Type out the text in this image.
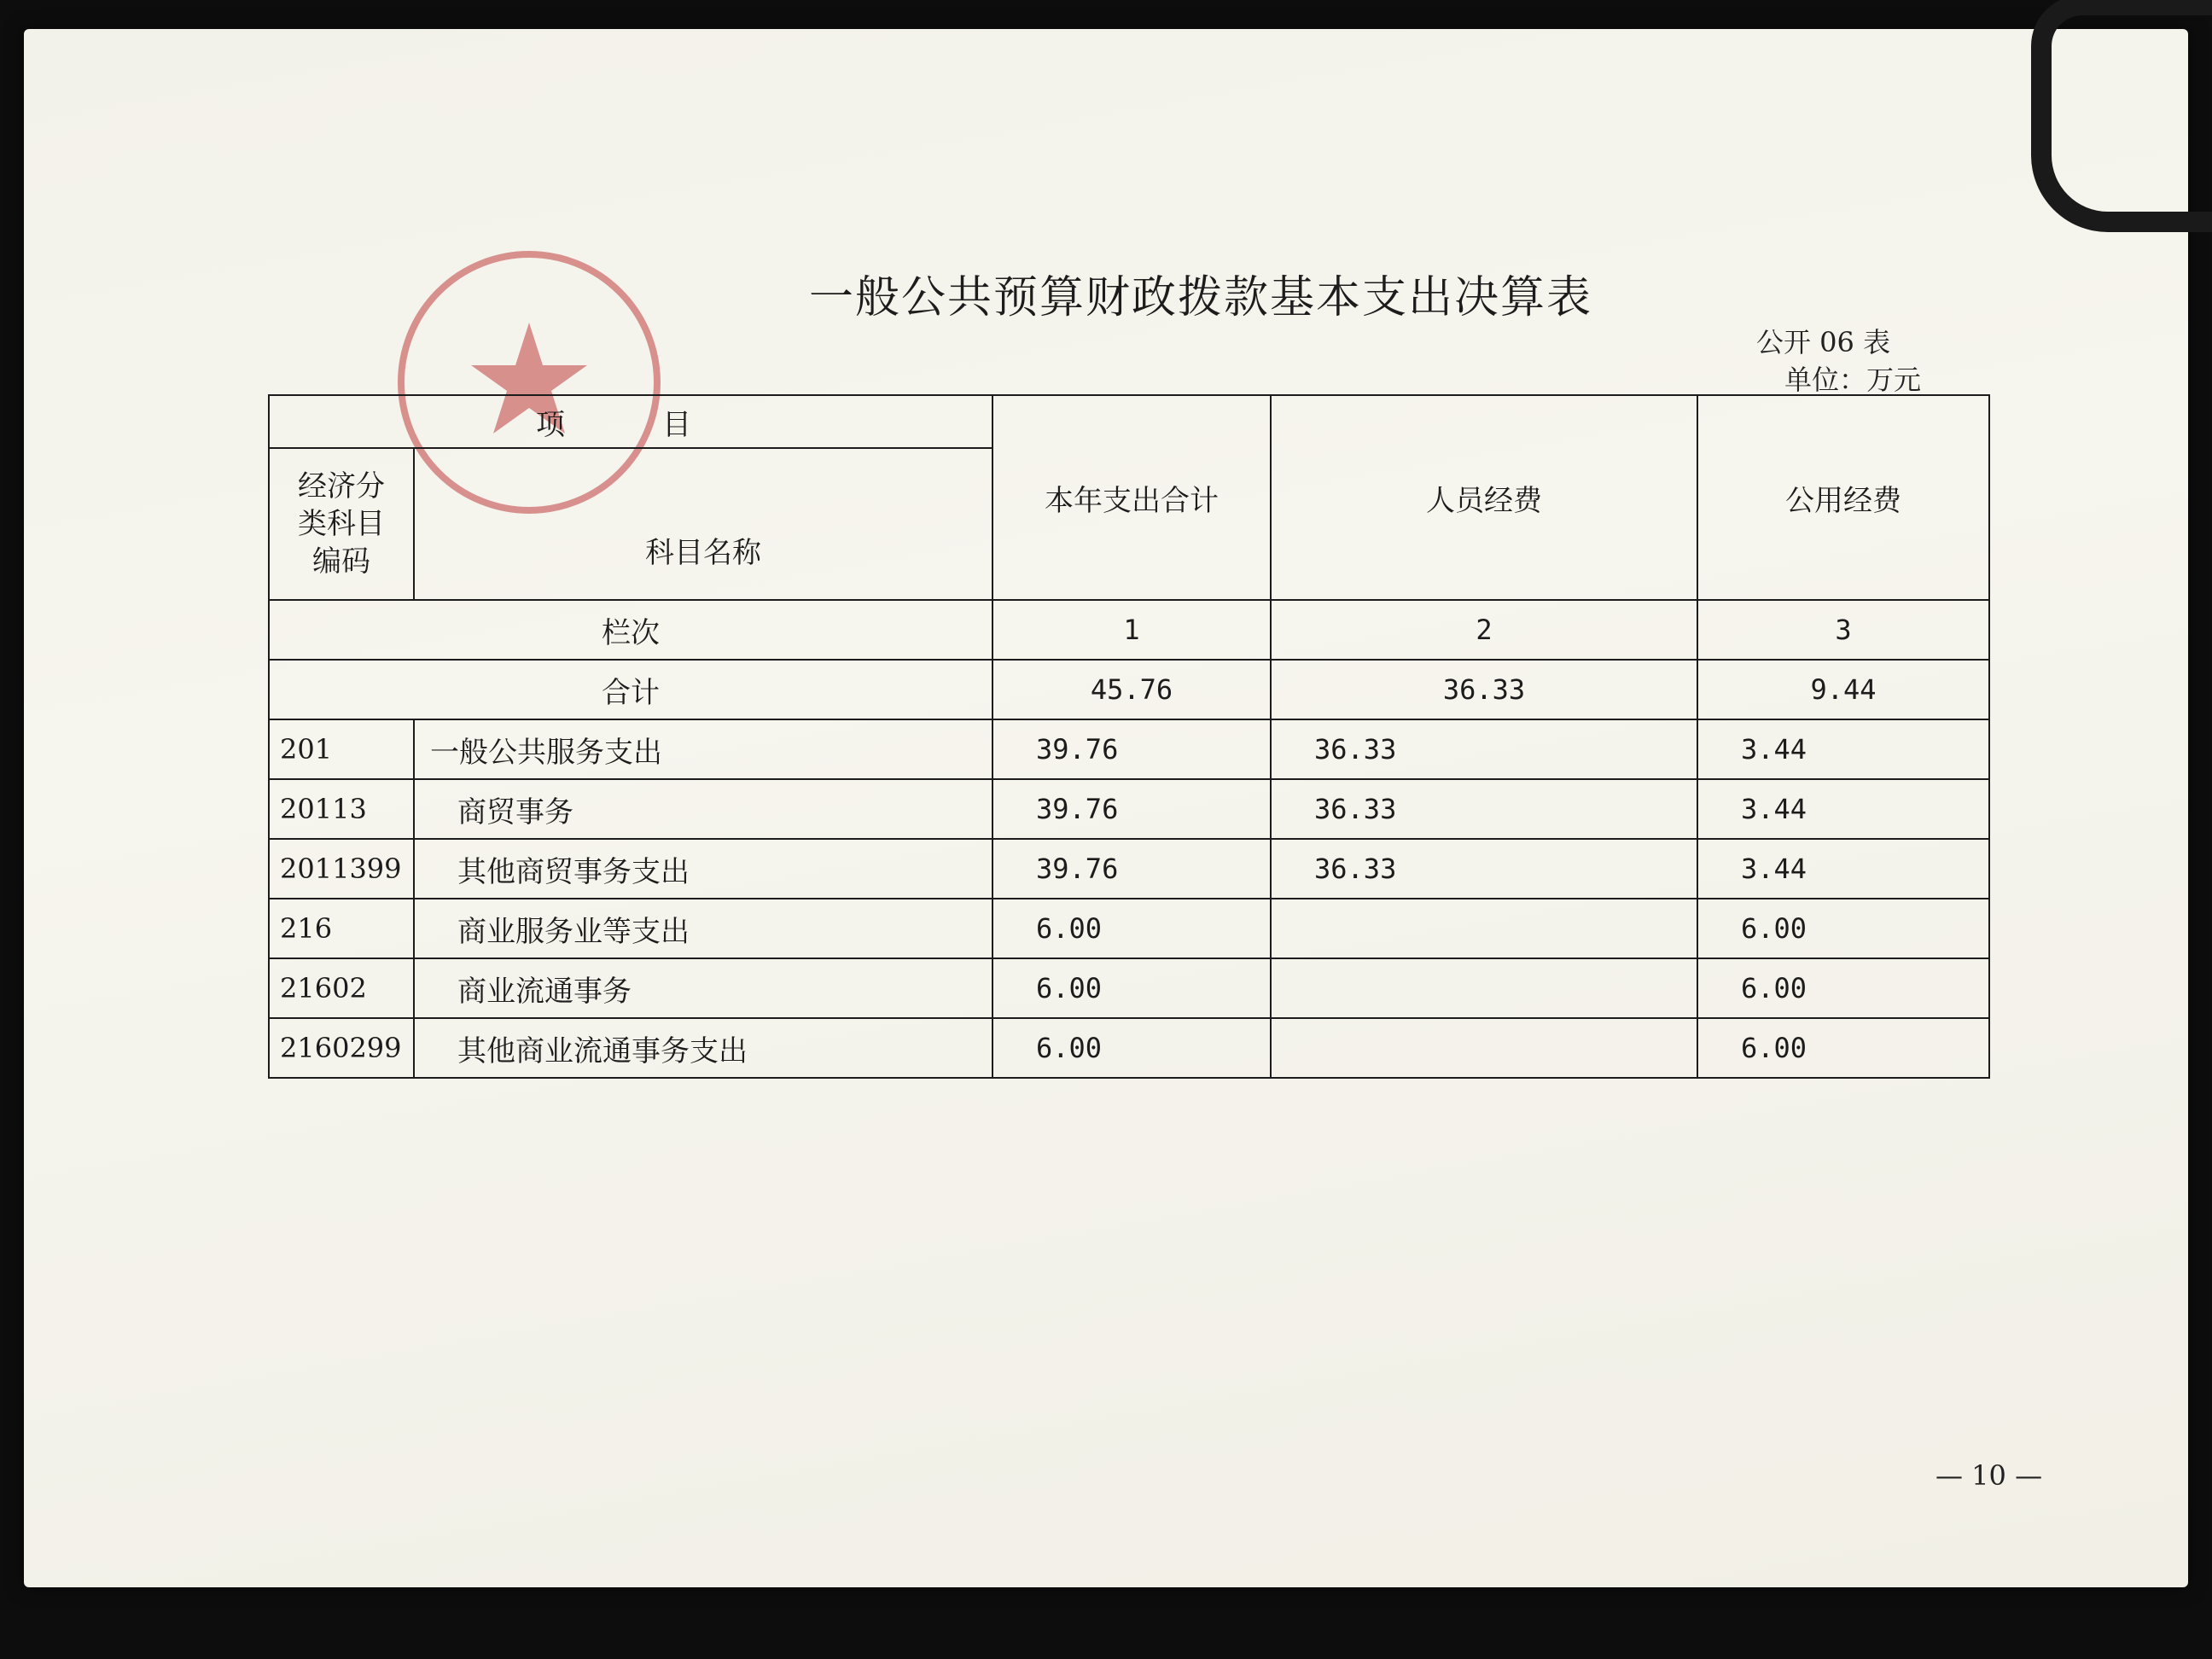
一般公共预算财政拨款基本支出决算表
公开 06 表
单位：万元
项　目		本年支出合计	人员经费	公用经费

经济分
类科目
编码	科目名称			
栏次		1	2	3
合计		45.76	36.33	9.44
201	一般公共服务支出	39.76	36.33	3.44
20113	商贸事务	39.76	36.33	3.44
2011399	其他商贸事务支出	39.76	36.33	3.44
216	商业服务业等支出	6.00		6.00
21602	商业流通事务	6.00		6.00
2160299	其他商业流通事务支出	6.00		6.00
— 10 —
